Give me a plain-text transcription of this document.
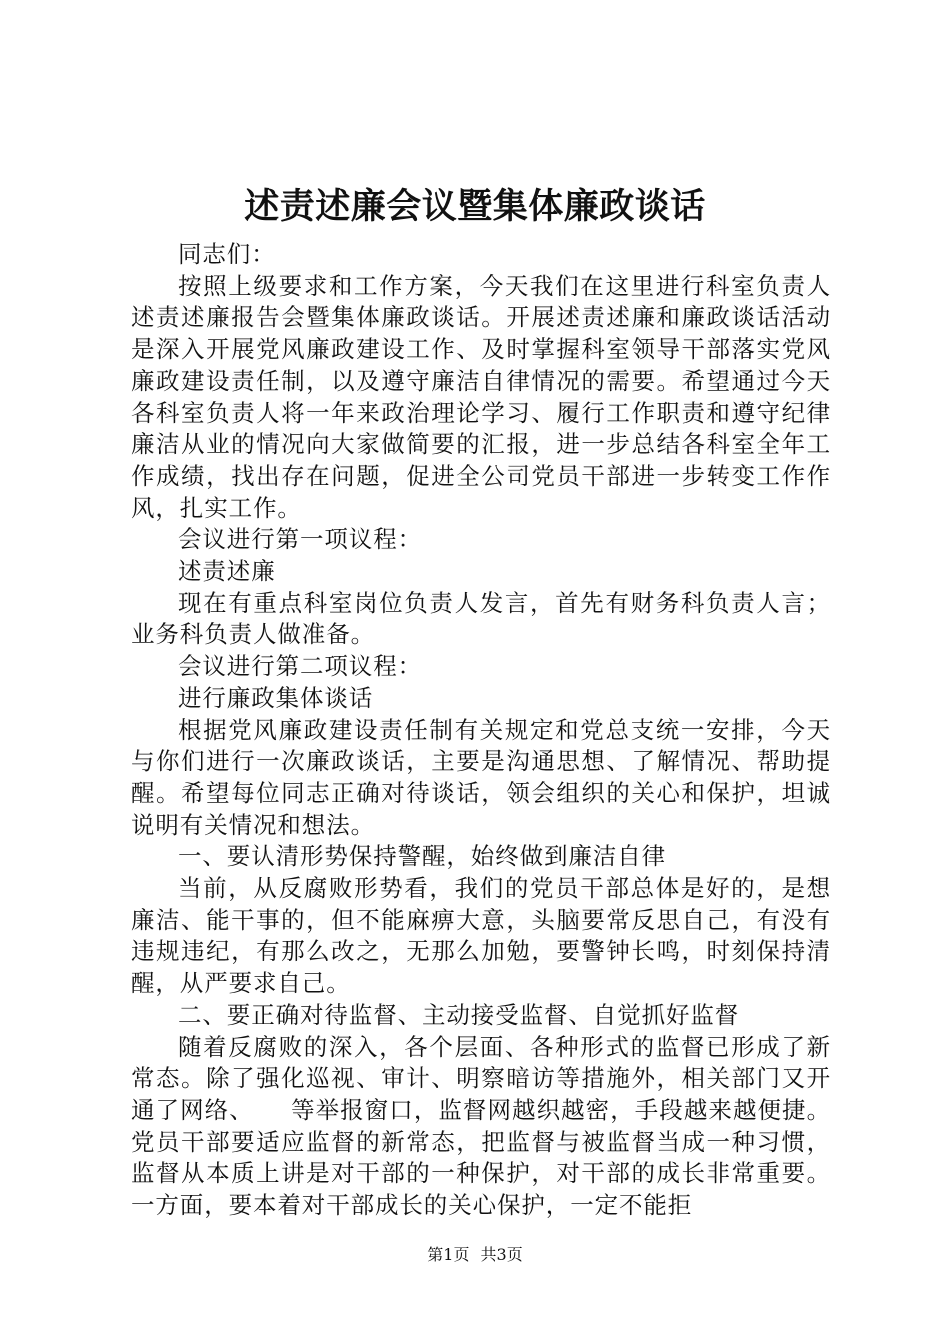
述责述廉会议暨集体廉政谈话

同志们：

按照上级要求和工作方案，今天我们在这里进行科室负责人述责述廉报告会暨集体廉政谈话。开展述责述廉和廉政谈话活动是深入开展党风廉政建设工作、及时掌握科室领导干部落实党风廉政建设责任制，以及遵守廉洁自律情况的需要。希望通过今天各科室负责人将一年来政治理论学习、履行工作职责和遵守纪律廉洁从业的情况向大家做简要的汇报，进一步总结各科室全年工作成绩，找出存在问题，促进全公司党员干部进一步转变工作作风，扎实工作。

会议进行第一项议程：

述责述廉

现在有重点科室岗位负责人发言，首先有财务科负责人言；业务科负责人做准备。

会议进行第二项议程：

进行廉政集体谈话

根据党风廉政建设责任制有关规定和党总支统一安排，今天与你们进行一次廉政谈话，主要是沟通思想、了解情况、帮助提醒。希望每位同志正确对待谈话，领会组织的关心和保护，坦诚说明有关情况和想法。

一、要认清形势保持警醒，始终做到廉洁自律

当前，从反腐败形势看，我们的党员干部总体是好的，是想廉洁、能干事的，但不能麻痹大意，头脑要常反思自己，有没有违规违纪，有那么改之，无那么加勉，要警钟长鸣，时刻保持清醒，从严要求自己。

二、要正确对待监督、主动接受监督、自觉抓好监督

随着反腐败的深入，各个层面、各种形式的监督已形成了新常态。除了强化巡视、审计、明察暗访等措施外，相关部门又开通了网络、　　等举报窗口，监督网越织越密，手段越来越便捷。党员干部要适应监督的新常态，把监督与被监督当成一种习惯，监督从本质上讲是对干部的一种保护，对干部的成长非常重要。一方面，要本着对干部成长的关心保护，一定不能拒

第1页 共3页
